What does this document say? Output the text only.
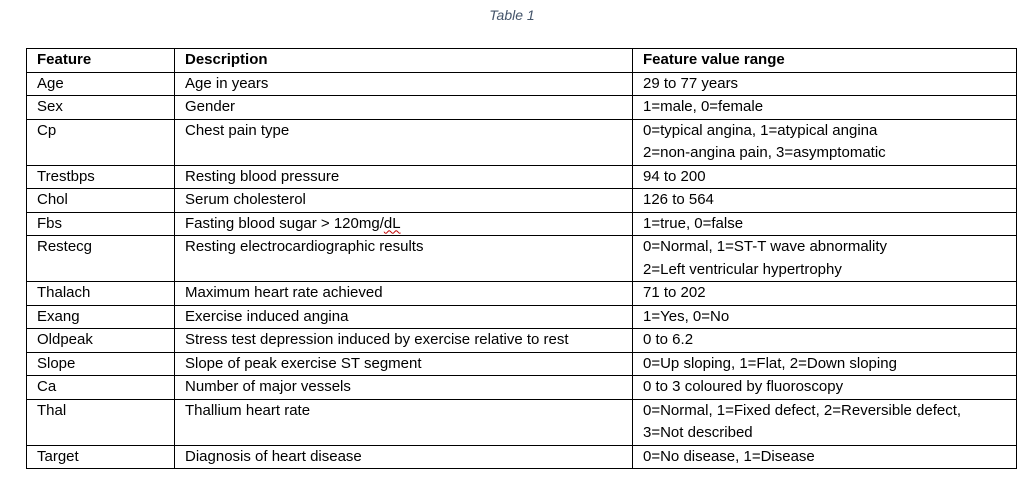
Table 1
Feature	Description	Feature value range
Age	Age in years	29 to 77 years

Sex	Gender	1=male, 0=female

Cp	Chest pain type	0=typical angina, 1=atypical angina
2=non-angina pain, 3=asymptomatic

Trestbps	Resting blood pressure	94 to 200

Chol	Serum cholesterol	126 to 564

Fbs	Fasting blood sugar > 120mg/dL	1=true, 0=false

Restecg	Resting electrocardiographic results	0=Normal, 1=ST-T wave abnormality
2=Left ventricular hypertrophy

Thalach	Maximum heart rate achieved	71 to 202

Exang	Exercise induced angina	1=Yes, 0=No

Oldpeak	Stress test depression induced by exercise relative to rest	0 to 6.2

Slope	Slope of peak exercise ST segment	0=Up sloping, 1=Flat, 2=Down sloping

Ca	Number of major vessels	0 to 3 coloured by fluoroscopy

Thal	Thallium heart rate	0=Normal, 1=Fixed defect, 2=Reversible defect,
3=Not described

Target	Diagnosis of heart disease	0=No disease, 1=Disease
